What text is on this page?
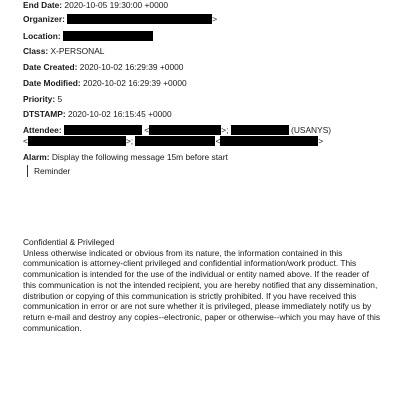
End Date: 2020-10-05 19:30:00 +0000
Organizer:	>
Location:
Class: X-PERSONAL
Date Created: 2020-10-02 16:29:39 +0000
Date Modified: 2020-10-02 16:29:39 +0000
Priority: 5
DTSTAMP: 2020-10-02 16:15:45 +0000
Attendee:	<	>;	(USANYS)
<	>;	<	>
Alarm: Display the following message 15m before start
Reminder
Confidential & Privileged
Unless otherwise indicated or obvious from its nature, the information contained in this communication is attorney-client privileged and confidential information/work product. This communication is intended for the use of the individual or entity named above. If the reader of this communication is not the intended recipient, you are hereby notified that any dissemination, distribution or copying of this communication is strictly prohibited. If you have received this communication in error or are not sure whether it is privileged, please immediately notify us by return e-mail and destroy any copies--electronic, paper or otherwise--which you may have of this communication.
